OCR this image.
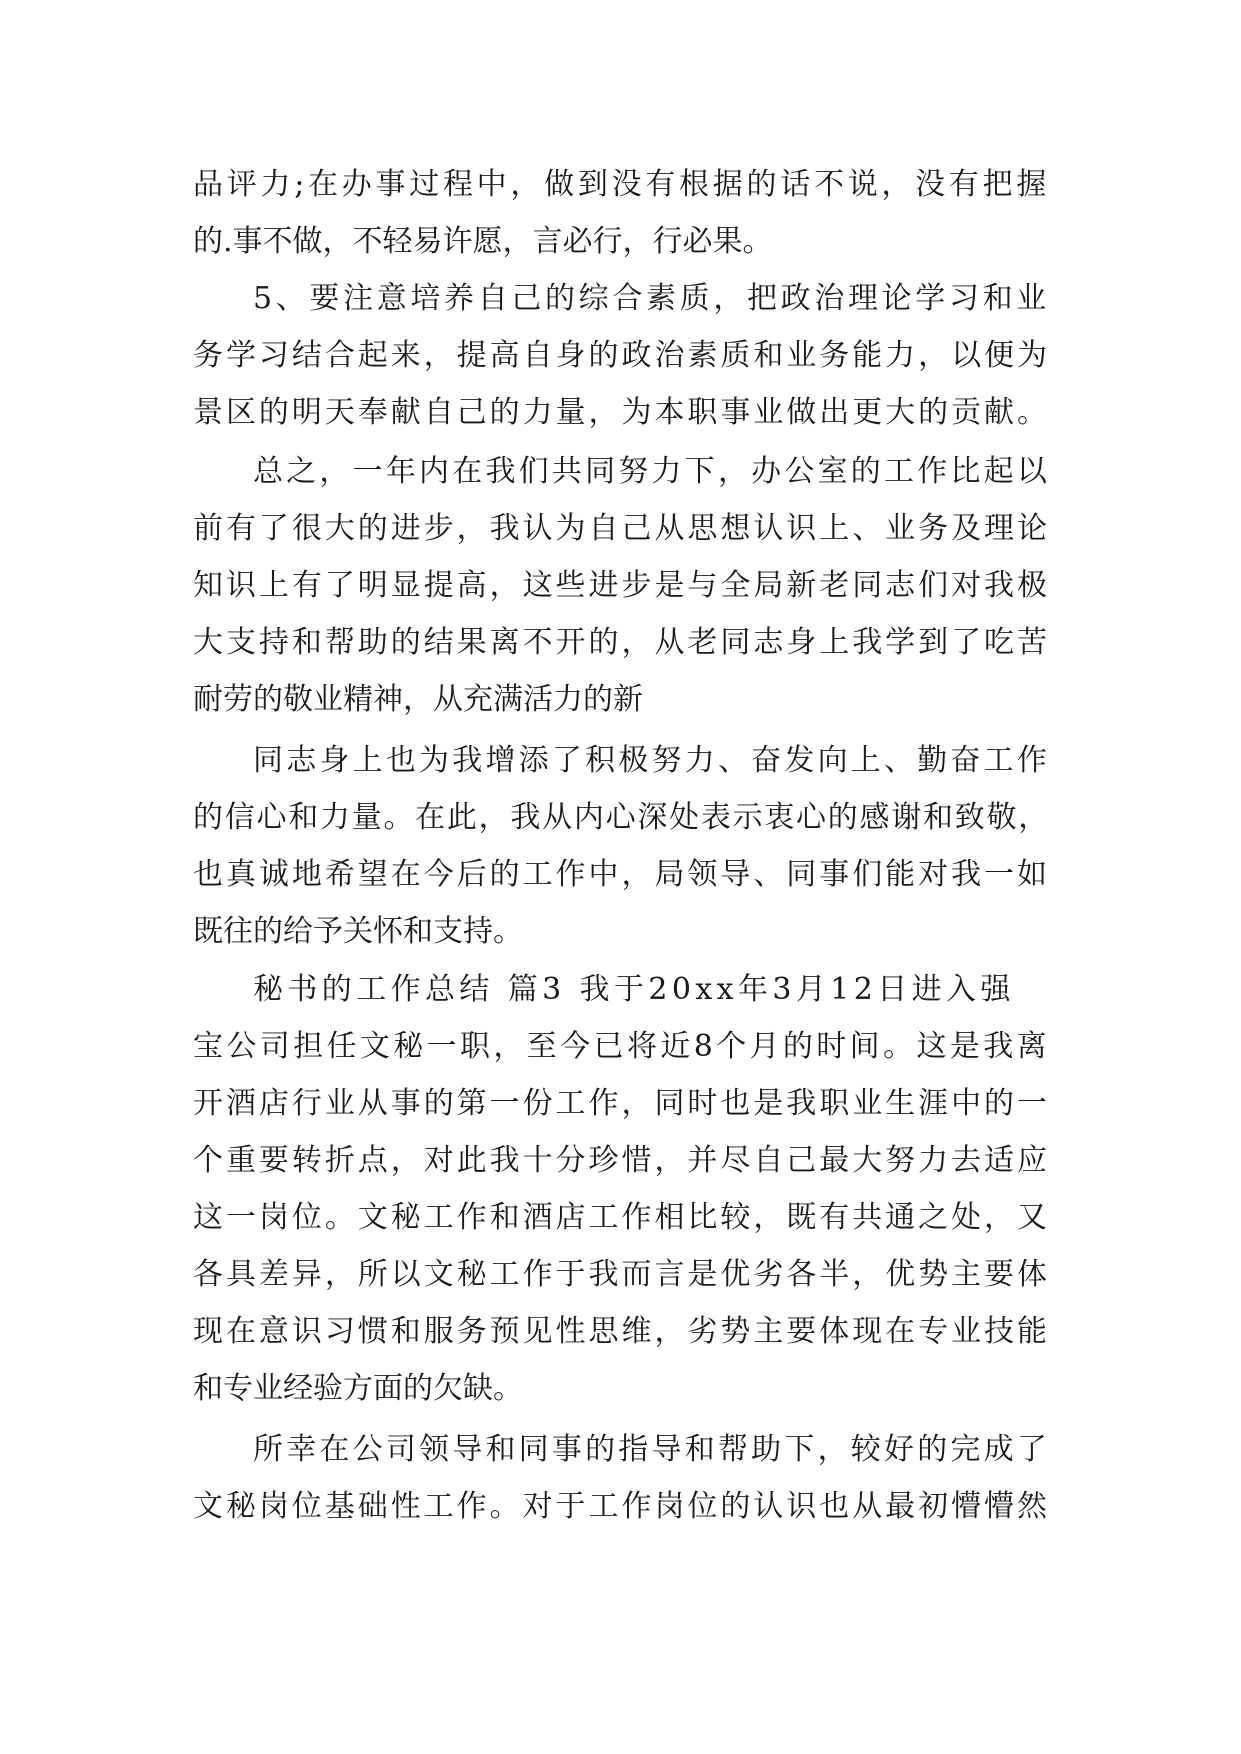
品评力;在办事过程中，做到没有根据的话不说，没有把握
的.事不做，不轻易许愿，言必行，行必果。
5、要注意培养自己的综合素质，把政治理论学习和业
务学习结合起来，提高自身的政治素质和业务能力，以便为
景区的明天奉献自己的力量，为本职事业做出更大的贡献。
总之，一年内在我们共同努力下，办公室的工作比起以
前有了很大的进步，我认为自己从思想认识上、业务及理论
知识上有了明显提高，这些进步是与全局新老同志们对我极
大支持和帮助的结果离不开的，从老同志身上我学到了吃苦
耐劳的敬业精神，从充满活力的新
同志身上也为我增添了积极努力、奋发向上、勤奋工作
的信心和力量。在此，我从内心深处表示衷心的感谢和致敬，
也真诚地希望在今后的工作中，局领导、同事们能对我一如
既往的给予关怀和支持。
秘书的工作总结 篇3 我于20xx年3月12日进入强
宝公司担任文秘一职，至今已将近8个月的时间。这是我离
开酒店行业从事的第一份工作，同时也是我职业生涯中的一
个重要转折点，对此我十分珍惜，并尽自己最大努力去适应
这一岗位。文秘工作和酒店工作相比较，既有共通之处，又
各具差异，所以文秘工作于我而言是优劣各半，优势主要体
现在意识习惯和服务预见性思维，劣势主要体现在专业技能
和专业经验方面的欠缺。
所幸在公司领导和同事的指导和帮助下，较好的完成了
文秘岗位基础性工作。对于工作岗位的认识也从最初懵懵然
